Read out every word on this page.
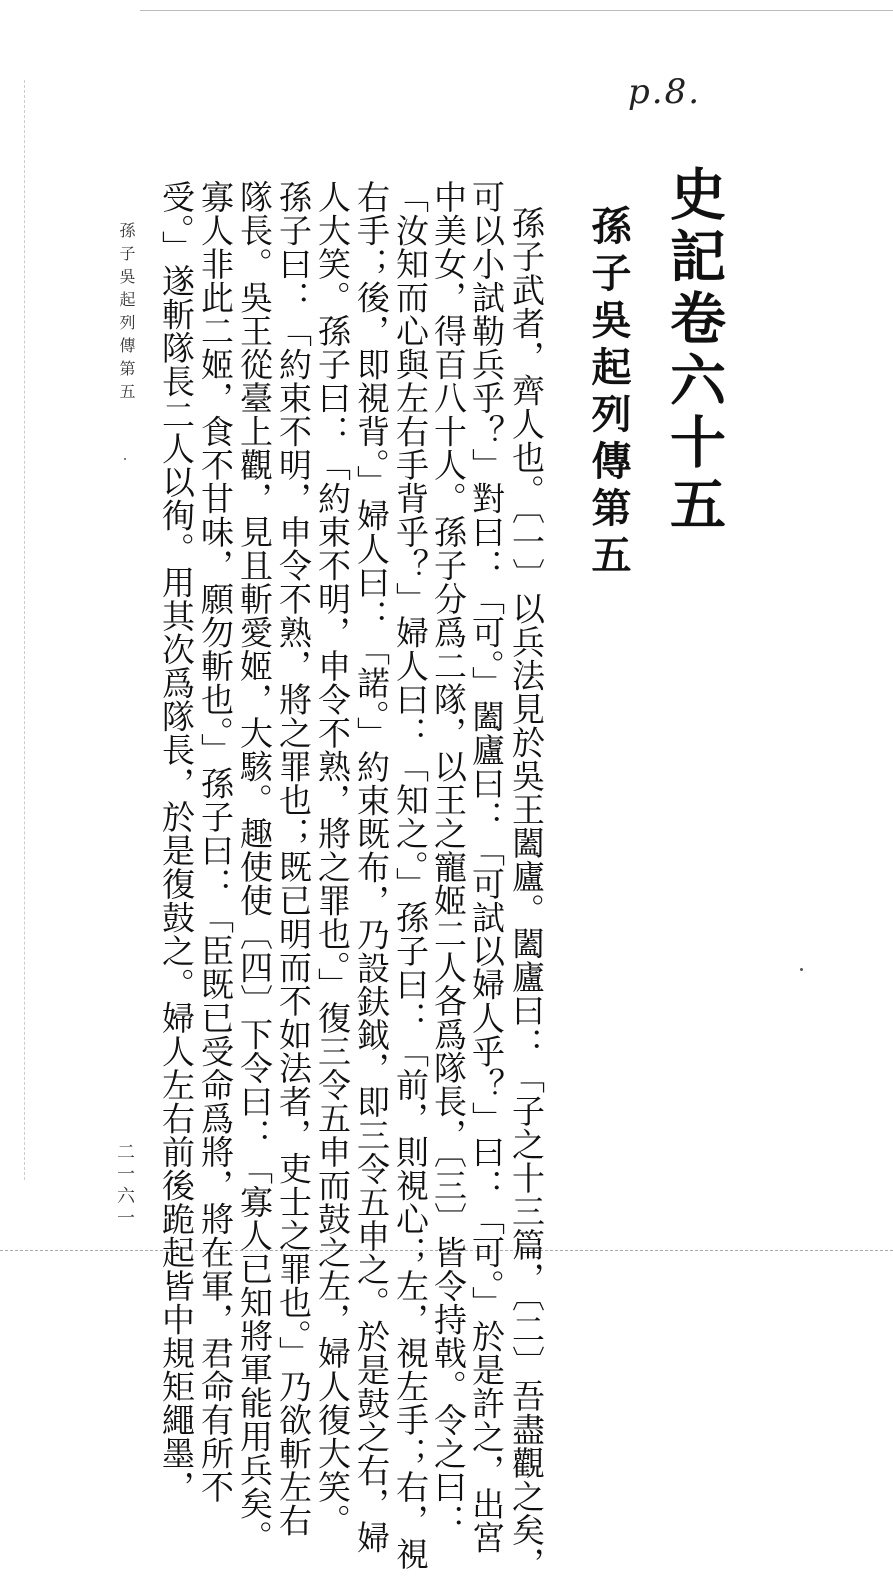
p.8.
史記卷六十五
孫子吳起列傳第五
孫子武者，齊人也。〔一〕以兵法見於吳王闔廬。闔廬曰：「子之十三篇，〔二〕吾盡觀之矣，
可以小試勒兵乎？」對曰：「可。」闔廬曰：「可試以婦人乎？」曰：「可。」於是許之，出宮
中美女，得百八十人。孫子分爲二隊，以王之寵姬二人各爲隊長，〔三〕皆令持戟。令之曰：
「汝知而心與左右手背乎？」婦人曰：「知之。」孫子曰：「前，則視心；左，視左手；右，視
右手；後，即視背。」婦人曰：「諾。」約束既布，乃設鈇鉞，即三令五申之。於是鼓之右，婦
人大笑。孫子曰：「約束不明，申令不熟，將之罪也。」復三令五申而鼓之左，婦人復大笑。
孫子曰：「約束不明，申令不熟，將之罪也；既已明而不如法者，吏士之罪也。」乃欲斬左右
隊長。吳王從臺上觀，見且斬愛姬，大駭。趣使使〔四〕下令曰：「寡人已知將軍能用兵矣。
寡人非此二姬，食不甘味，願勿斬也。」孫子曰：「臣既已受命爲將，將在軍，君命有所不
受。」遂斬隊長二人以徇。用其次爲隊長，於是復鼓之。婦人左右前後跪起皆中規矩繩墨，
孫子吳起列傳第五
二一六一
